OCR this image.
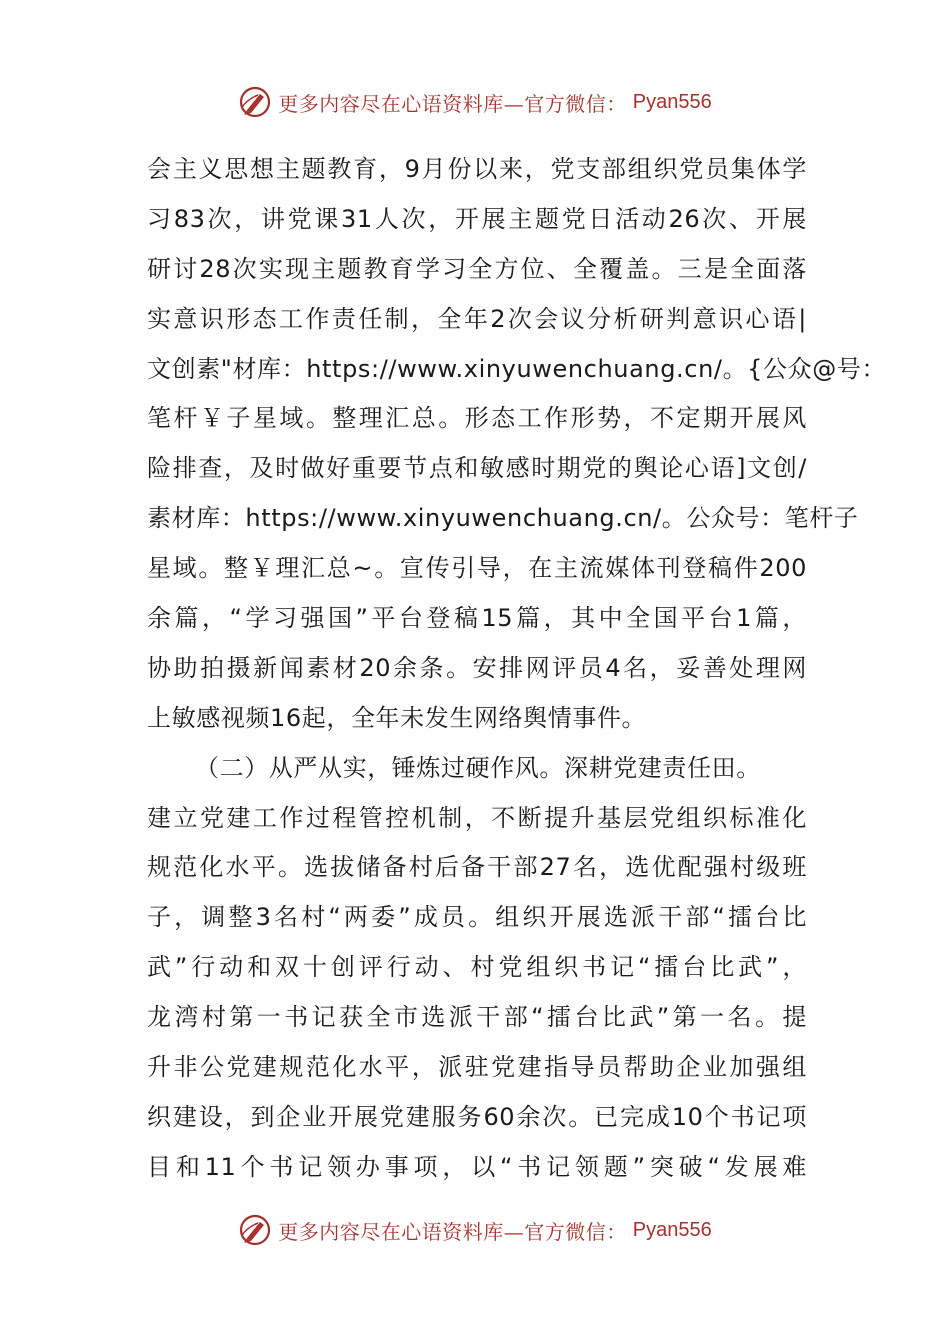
更多内容尽在心语资料库—官方微信： Pyan556
会主义思想主题教育，9月份以来，党支部组织党员集体学
习83次，讲党课31人次，开展主题党日活动26次、开展
研讨28次实现主题教育学习全方位、全覆盖。三是全面落
实意识形态工作责任制，全年2次会议分析研判意识心语|
文创素"材库：https://www.xinyuwenchuang.cn/。{公众@号：
笔杆￥子星域。整理汇总。形态工作形势，不定期开展风
险排查，及时做好重要节点和敏感时期党的舆论心语]文创/
素材库：https://www.xinyuwenchuang.cn/。公众号：笔杆子
星域。整￥理汇总~。宣传引导，在主流媒体刊登稿件200
余篇，“学习强国”平台登稿15篇，其中全国平台1篇，
协助拍摄新闻素材20余条。安排网评员4名，妥善处理网
上敏感视频16起，全年未发生网络舆情事件。
（二）从严从实，锤炼过硬作风。深耕党建责任田。
建立党建工作过程管控机制，不断提升基层党组织标准化
规范化水平。选拔储备村后备干部27名，选优配强村级班
子，调整3名村“两委”成员。组织开展选派干部“擂台比
武”行动和双十创评行动、村党组织书记“擂台比武”，
龙湾村第一书记获全市选派干部“擂台比武”第一名。提
升非公党建规范化水平，派驻党建指导员帮助企业加强组
织建设，到企业开展党建服务60余次。已完成10个书记项
目和11个书记领办事项，以“书记领题”突破“发展难
更多内容尽在心语资料库—官方微信： Pyan556
